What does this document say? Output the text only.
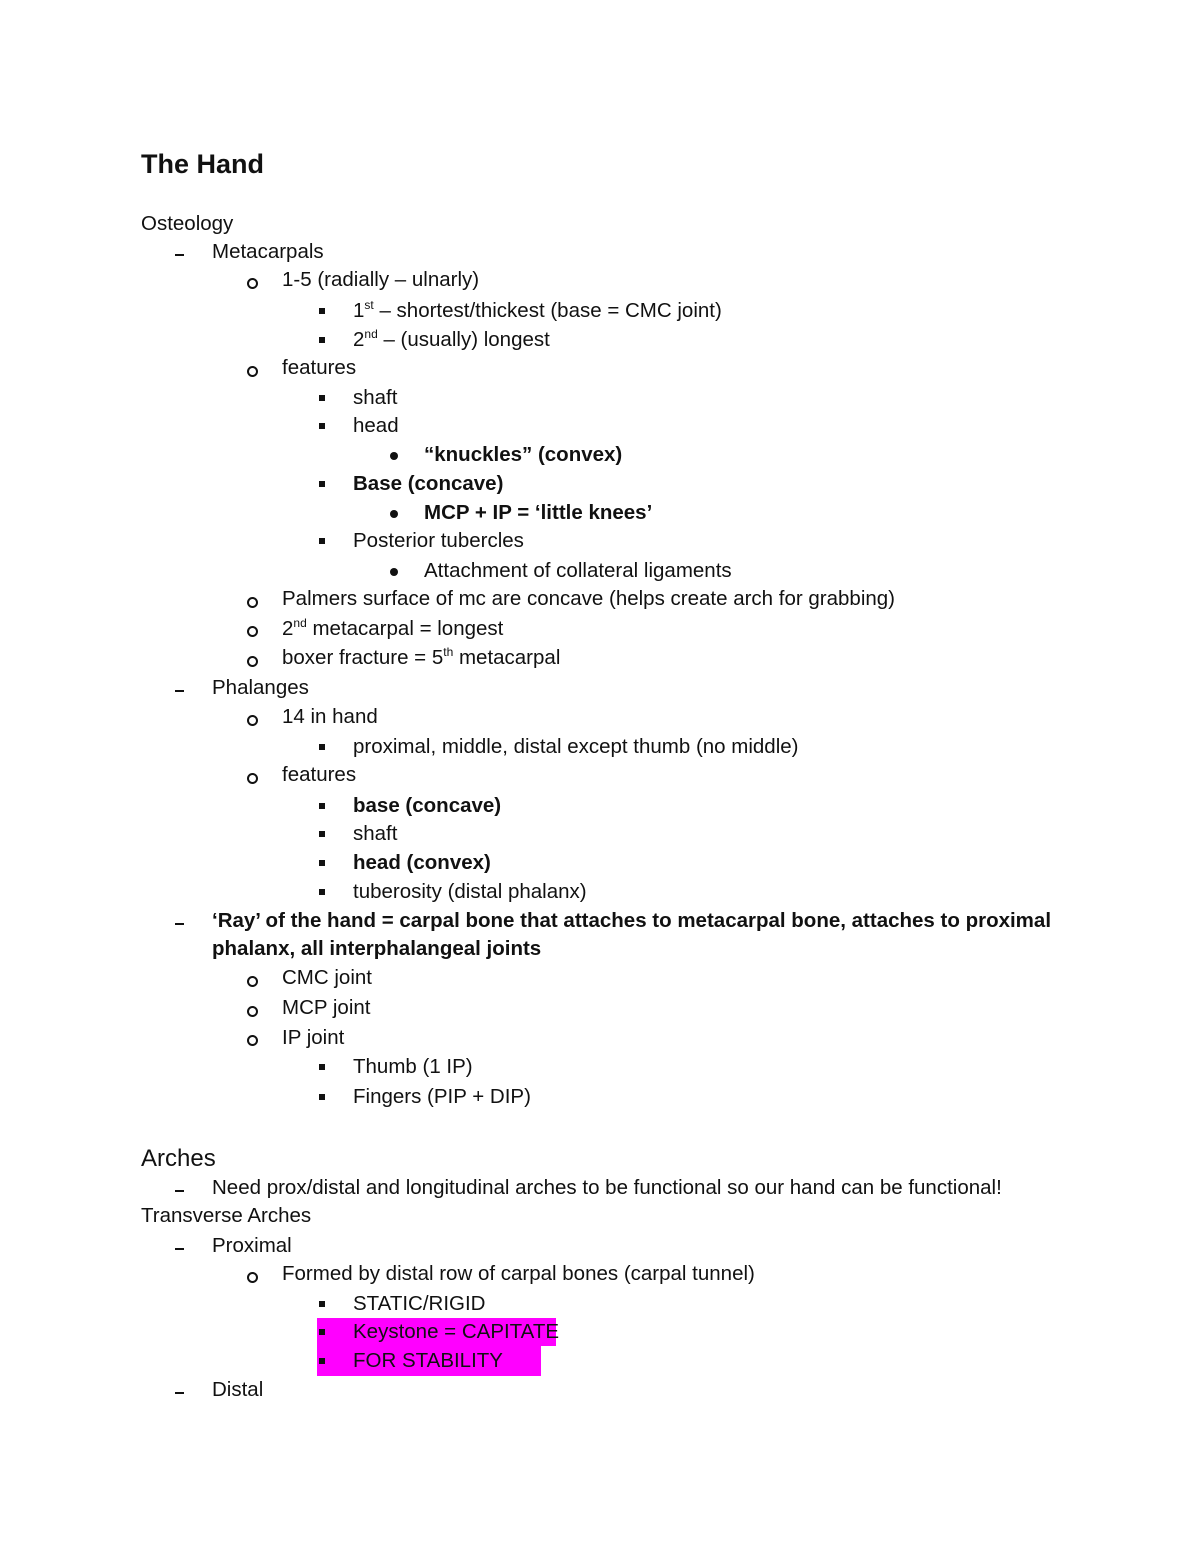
The Hand
Osteology
Metacarpals
1-5 (radially – ulnarly)
1st – shortest/thickest (base = CMC joint)
2nd – (usually) longest
features
shaft
head
“knuckles” (convex)
Base (concave)
MCP + IP = ‘little knees’
Posterior tubercles
Attachment of collateral ligaments
Palmers surface of mc are concave (helps create arch for grabbing)
2nd metacarpal = longest
boxer fracture = 5th metacarpal
Phalanges
14 in hand
proximal, middle, distal except thumb (no middle)
features
base (concave)
shaft
head (convex)
tuberosity (distal phalanx)
‘Ray’ of the hand = carpal bone that attaches to metacarpal bone, attaches to proximal
phalanx, all interphalangeal joints
CMC joint
MCP joint
IP joint
Thumb (1 IP)
Fingers (PIP + DIP)
Arches
Need prox/distal and longitudinal arches to be functional so our hand can be functional!
Transverse Arches
Proximal
Formed by distal row of carpal bones (carpal tunnel)
STATIC/RIGID
Keystone = CAPITATE
FOR STABILITY
Distal
